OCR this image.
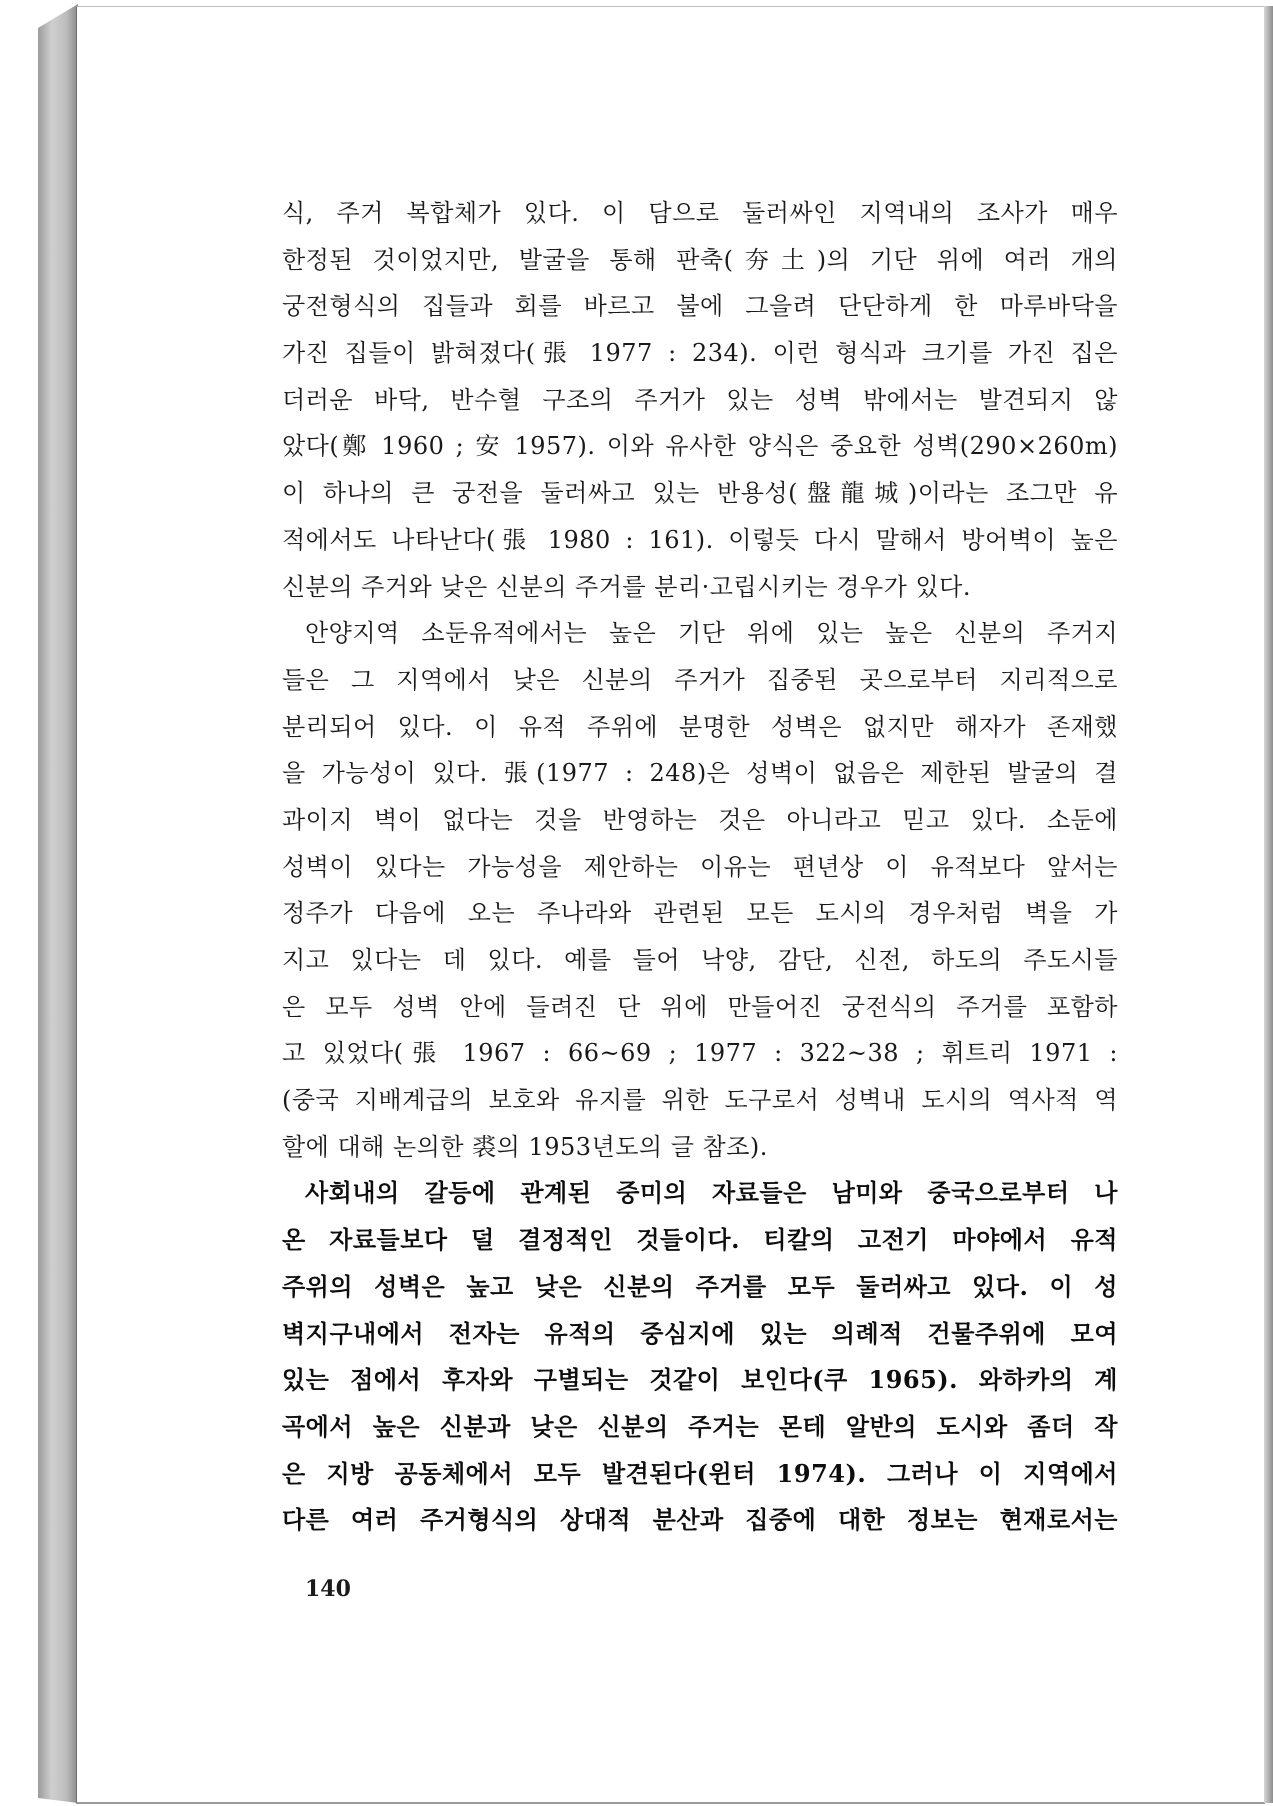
식, 주거 복합체가 있다. 이 담으로 둘러싸인 지역내의 조사가 매우
한정된 것이었지만, 발굴을 통해 판축(夯土)의 기단 위에 여러 개의
궁전형식의 집들과 회를 바르고 불에 그을려 단단하게 한 마루바닥을
가진 집들이 밝혀졌다(張 1977 : 234). 이런 형식과 크기를 가진 집은
더러운 바닥, 반수혈 구조의 주거가 있는 성벽 밖에서는 발견되지 않
았다(鄭 1960 ; 安 1957). 이와 유사한 양식은 중요한 성벽(290×260m)
이 하나의 큰 궁전을 둘러싸고 있는 반용성(盤龍城)이라는 조그만 유
적에서도 나타난다(張 1980 : 161). 이렇듯 다시 말해서 방어벽이 높은
신분의 주거와 낮은 신분의 주거를 분리·고립시키는 경우가 있다.
안양지역 소둔유적에서는 높은 기단 위에 있는 높은 신분의 주거지
들은 그 지역에서 낮은 신분의 주거가 집중된 곳으로부터 지리적으로
분리되어 있다. 이 유적 주위에 분명한 성벽은 없지만 해자가 존재했
을 가능성이 있다. 張(1977 : 248)은 성벽이 없음은 제한된 발굴의 결
과이지 벽이 없다는 것을 반영하는 것은 아니라고 믿고 있다. 소둔에
성벽이 있다는 가능성을 제안하는 이유는 편년상 이 유적보다 앞서는
정주가 다음에 오는 주나라와 관련된 모든 도시의 경우처럼 벽을 가
지고 있다는 데 있다. 예를 들어 낙양, 감단, 신전, 하도의 주도시들
은 모두 성벽 안에 들려진 단 위에 만들어진 궁전식의 주거를 포함하
고 있었다(張 1967 : 66~69 ; 1977 : 322~38 ; 휘트리 1971 :
(중국 지배계급의 보호와 유지를 위한 도구로서 성벽내 도시의 역사적 역
할에 대해 논의한 裘의 1953년도의 글 참조).
사회내의 갈등에 관계된 중미의 자료들은 남미와 중국으로부터 나
온 자료들보다 덜 결정적인 것들이다. 티칼의 고전기 마야에서 유적
주위의 성벽은 높고 낮은 신분의 주거를 모두 둘러싸고 있다. 이 성
벽지구내에서 전자는 유적의 중심지에 있는 의례적 건물주위에 모여
있는 점에서 후자와 구별되는 것같이 보인다(쿠 1965). 와하카의 계
곡에서 높은 신분과 낮은 신분의 주거는 몬테 알반의 도시와 좀더 작
은 지방 공동체에서 모두 발견된다(윈터 1974). 그러나 이 지역에서
다른 여러 주거형식의 상대적 분산과 집중에 대한 정보는 현재로서는
140
